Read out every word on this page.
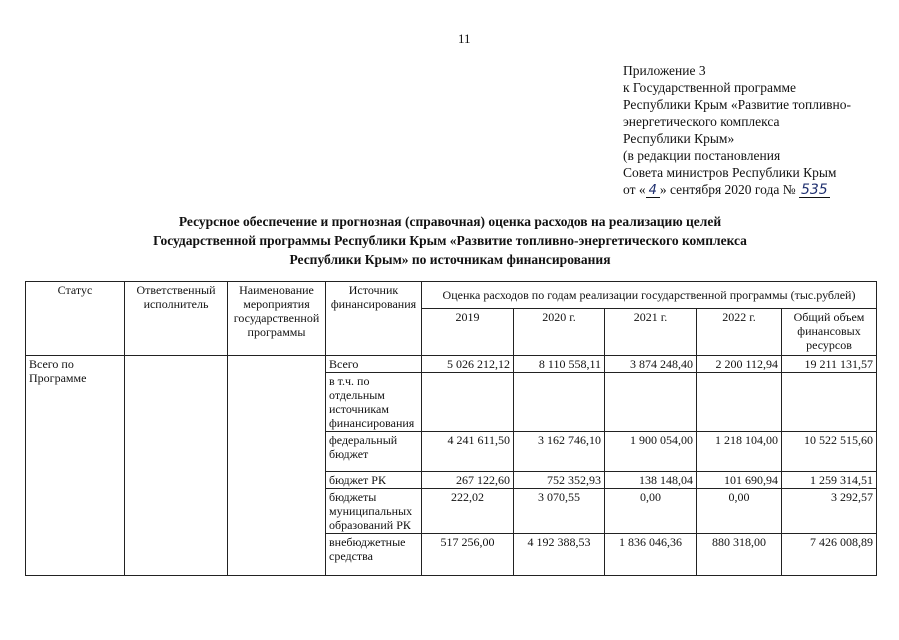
11
Приложение 3
к Государственной программе
Республики Крым «Развитие топливно-
энергетического комплекса
Республики Крым»
(в редакции постановления
Совета министров Республики Крым
от « 4 » сентября 2020 года № 535
Ресурсное обеспечение и прогнозная (справочная) оценка расходов на реализацию целей
Государственной программы Республики Крым «Развитие топливно-энергетического комплекса
Республики Крым» по источникам финансирования
Статус	Ответственный исполнитель	Наименование мероприятия государственной программы	Источник финансирования	Оценка расходов по годам реализации государственной программы (тыс.рублей)				
				2019	2020 г.	2021 г.	2022 г.	Общий объем финансовых ресурсов
Всего по Программе			Всего	5 026 212,12	8 110 558,11	3 874 248,40	2 200 112,94	19 211 131,57
			в т.ч. по отдельным источникам финансирования					
			федеральный бюджет	4 241 611,50	3 162 746,10	1 900 054,00	1 218 104,00	10 522 515,60
			бюджет РК	267 122,60	752 352,93	138 148,04	101 690,94	1 259 314,51
			бюджеты муниципальных образований РК	222,02	3 070,55	0,00	0,00	3 292,57
			внебюджетные средства	517 256,00	4 192 388,53	1 836 046,36	880 318,00	7 426 008,89
